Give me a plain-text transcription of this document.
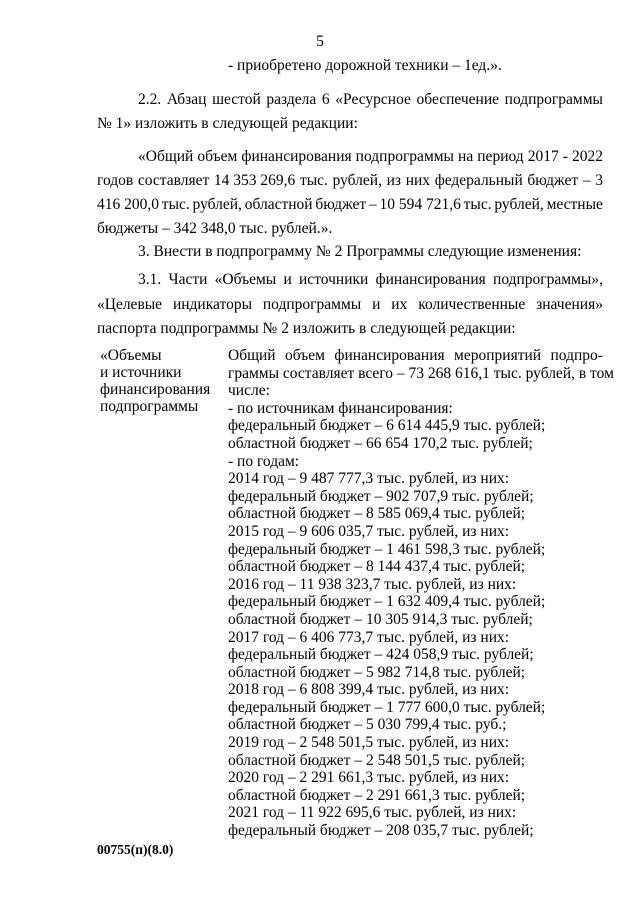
5
- приобретено дорожной техники – 1ед.».
2.2. Абзац шестой раздела 6 «Ресурсное обеспечение подпрограммы
№ 1» изложить в следующей редакции:
«Общий объем финансирования подпрограммы на период 2017 - 2022
годов составляет 14 353 269,6 тыс. рублей, из них федеральный бюджет – 3
416 200,0 тыс. рублей, областной бюджет – 10 594 721,6 тыс. рублей, местные
бюджеты – 342 348,0 тыс. рублей.».
3. Внести в подпрограмму № 2 Программы следующие изменения:
3.1. Части «Объемы и источники финансирования подпрограммы»,
«Целевые индикаторы подпрограммы и их количественные значения»
паспорта подпрограммы № 2 изложить в следующей редакции:
«Объемы
и источники
финансирования
подпрограммы
Общий объем финансирования мероприятий подпро-
граммы составляет всего – 73 268 616,1 тыс. рублей, в том
числе:
- по источникам финансирования:
федеральный бюджет – 6 614 445,9 тыс. рублей;
областной бюджет – 66 654 170,2 тыс. рублей;
- по годам:
2014 год – 9 487 777,3 тыс. рублей, из них:
федеральный бюджет – 902 707,9 тыс. рублей;
областной бюджет – 8 585 069,4 тыс. рублей;
2015 год – 9 606 035,7 тыс. рублей, из них:
федеральный бюджет – 1 461 598,3 тыс. рублей;
областной бюджет – 8 144 437,4 тыс. рублей;
2016 год – 11 938 323,7 тыс. рублей, из них:
федеральный бюджет – 1 632 409,4 тыс. рублей;
областной бюджет – 10 305 914,3 тыс. рублей;
2017 год – 6 406 773,7 тыс. рублей, из них:
федеральный бюджет – 424 058,9 тыс. рублей;
областной бюджет – 5 982 714,8 тыс. рублей;
2018 год – 6 808 399,4 тыс. рублей, из них:
федеральный бюджет – 1 777 600,0 тыс. рублей;
областной бюджет – 5 030 799,4 тыс. руб.;
2019 год – 2 548 501,5 тыс. рублей, из них:
областной бюджет – 2 548 501,5 тыс. рублей;
2020 год – 2 291 661,3 тыс. рублей, из них:
областной бюджет – 2 291 661,3 тыс. рублей;
2021 год – 11 922 695,6 тыс. рублей, из них:
федеральный бюджет – 208 035,7 тыс. рублей;
00755(п)(8.0)
